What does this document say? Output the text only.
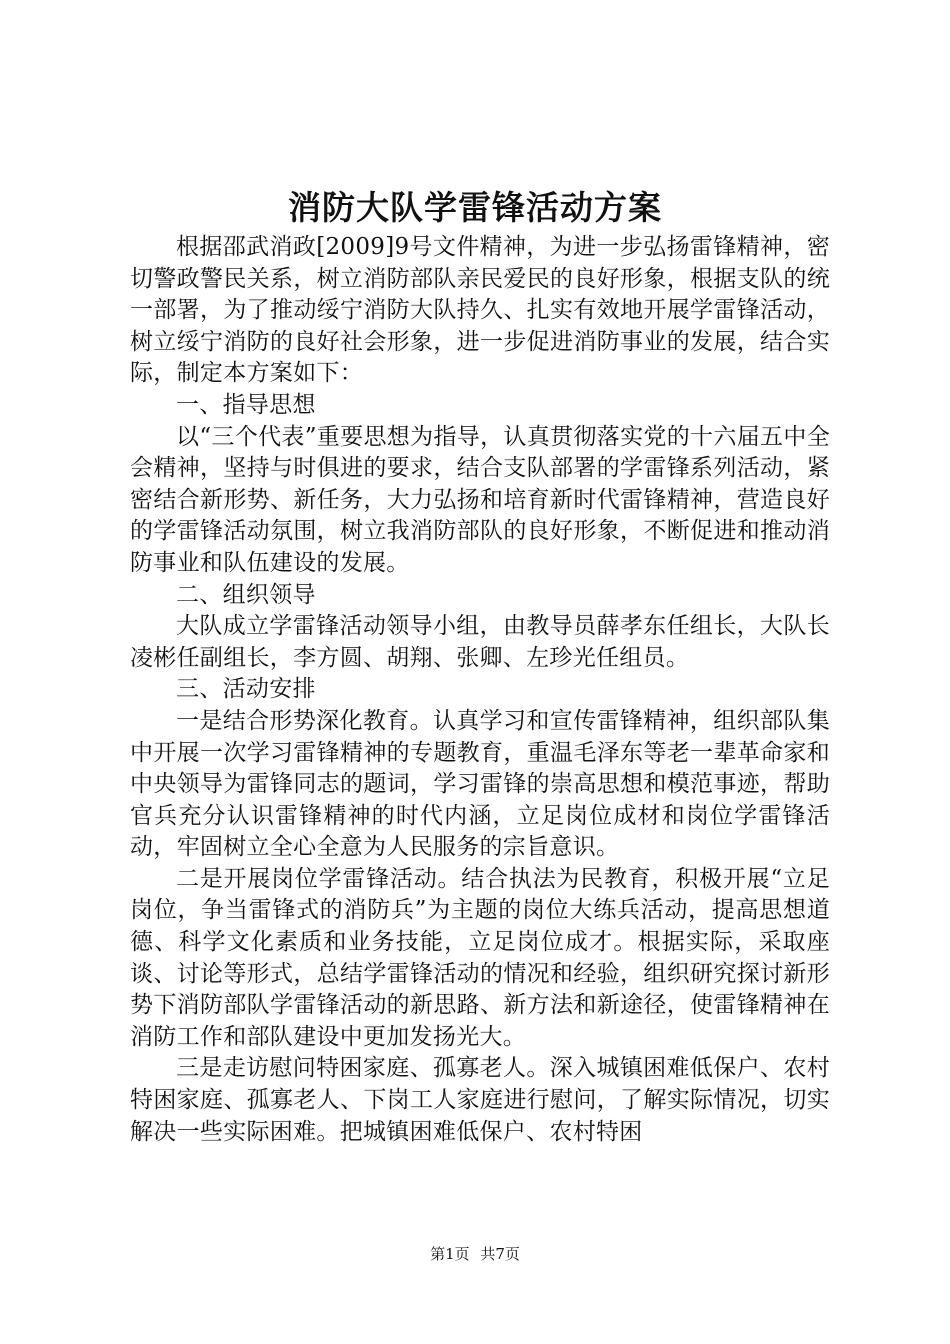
消防大队学雷锋活动方案

根据邵武消政[2009]9号文件精神，为进一步弘扬雷锋精神，密切警政警民关系，树立消防部队亲民爱民的良好形象，根据支队的统一部署，为了推动绥宁消防大队持久、扎实有效地开展学雷锋活动，树立绥宁消防的良好社会形象，进一步促进消防事业的发展，结合实际，制定本方案如下：

一、指导思想

以“三个代表”重要思想为指导，认真贯彻落实党的十六届五中全会精神，坚持与时俱进的要求，结合支队部署的学雷锋系列活动，紧密结合新形势、新任务，大力弘扬和培育新时代雷锋精神，营造良好的学雷锋活动氛围，树立我消防部队的良好形象，不断促进和推动消防事业和队伍建设的发展。

二、组织领导

大队成立学雷锋活动领导小组，由教导员薛孝东任组长，大队长凌彬任副组长，李方圆、胡翔、张卿、左珍光任组员。

三、活动安排

一是结合形势深化教育。认真学习和宣传雷锋精神，组织部队集中开展一次学习雷锋精神的专题教育，重温毛泽东等老一辈革命家和中央领导为雷锋同志的题词，学习雷锋的崇高思想和模范事迹，帮助官兵充分认识雷锋精神的时代内涵，立足岗位成材和岗位学雷锋活动，牢固树立全心全意为人民服务的宗旨意识。

二是开展岗位学雷锋活动。结合执法为民教育，积极开展“立足岗位，争当雷锋式的消防兵”为主题的岗位大练兵活动，提高思想道德、科学文化素质和业务技能，立足岗位成才。根据实际，采取座谈、讨论等形式，总结学雷锋活动的情况和经验，组织研究探讨新形势下消防部队学雷锋活动的新思路、新方法和新途径，使雷锋精神在消防工作和部队建设中更加发扬光大。

三是走访慰问特困家庭、孤寡老人。深入城镇困难低保户、农村特困家庭、孤寡老人、下岗工人家庭进行慰问，了解实际情况，切实解决一些实际困难。把城镇困难低保户、农村特困

第1页 共7页
